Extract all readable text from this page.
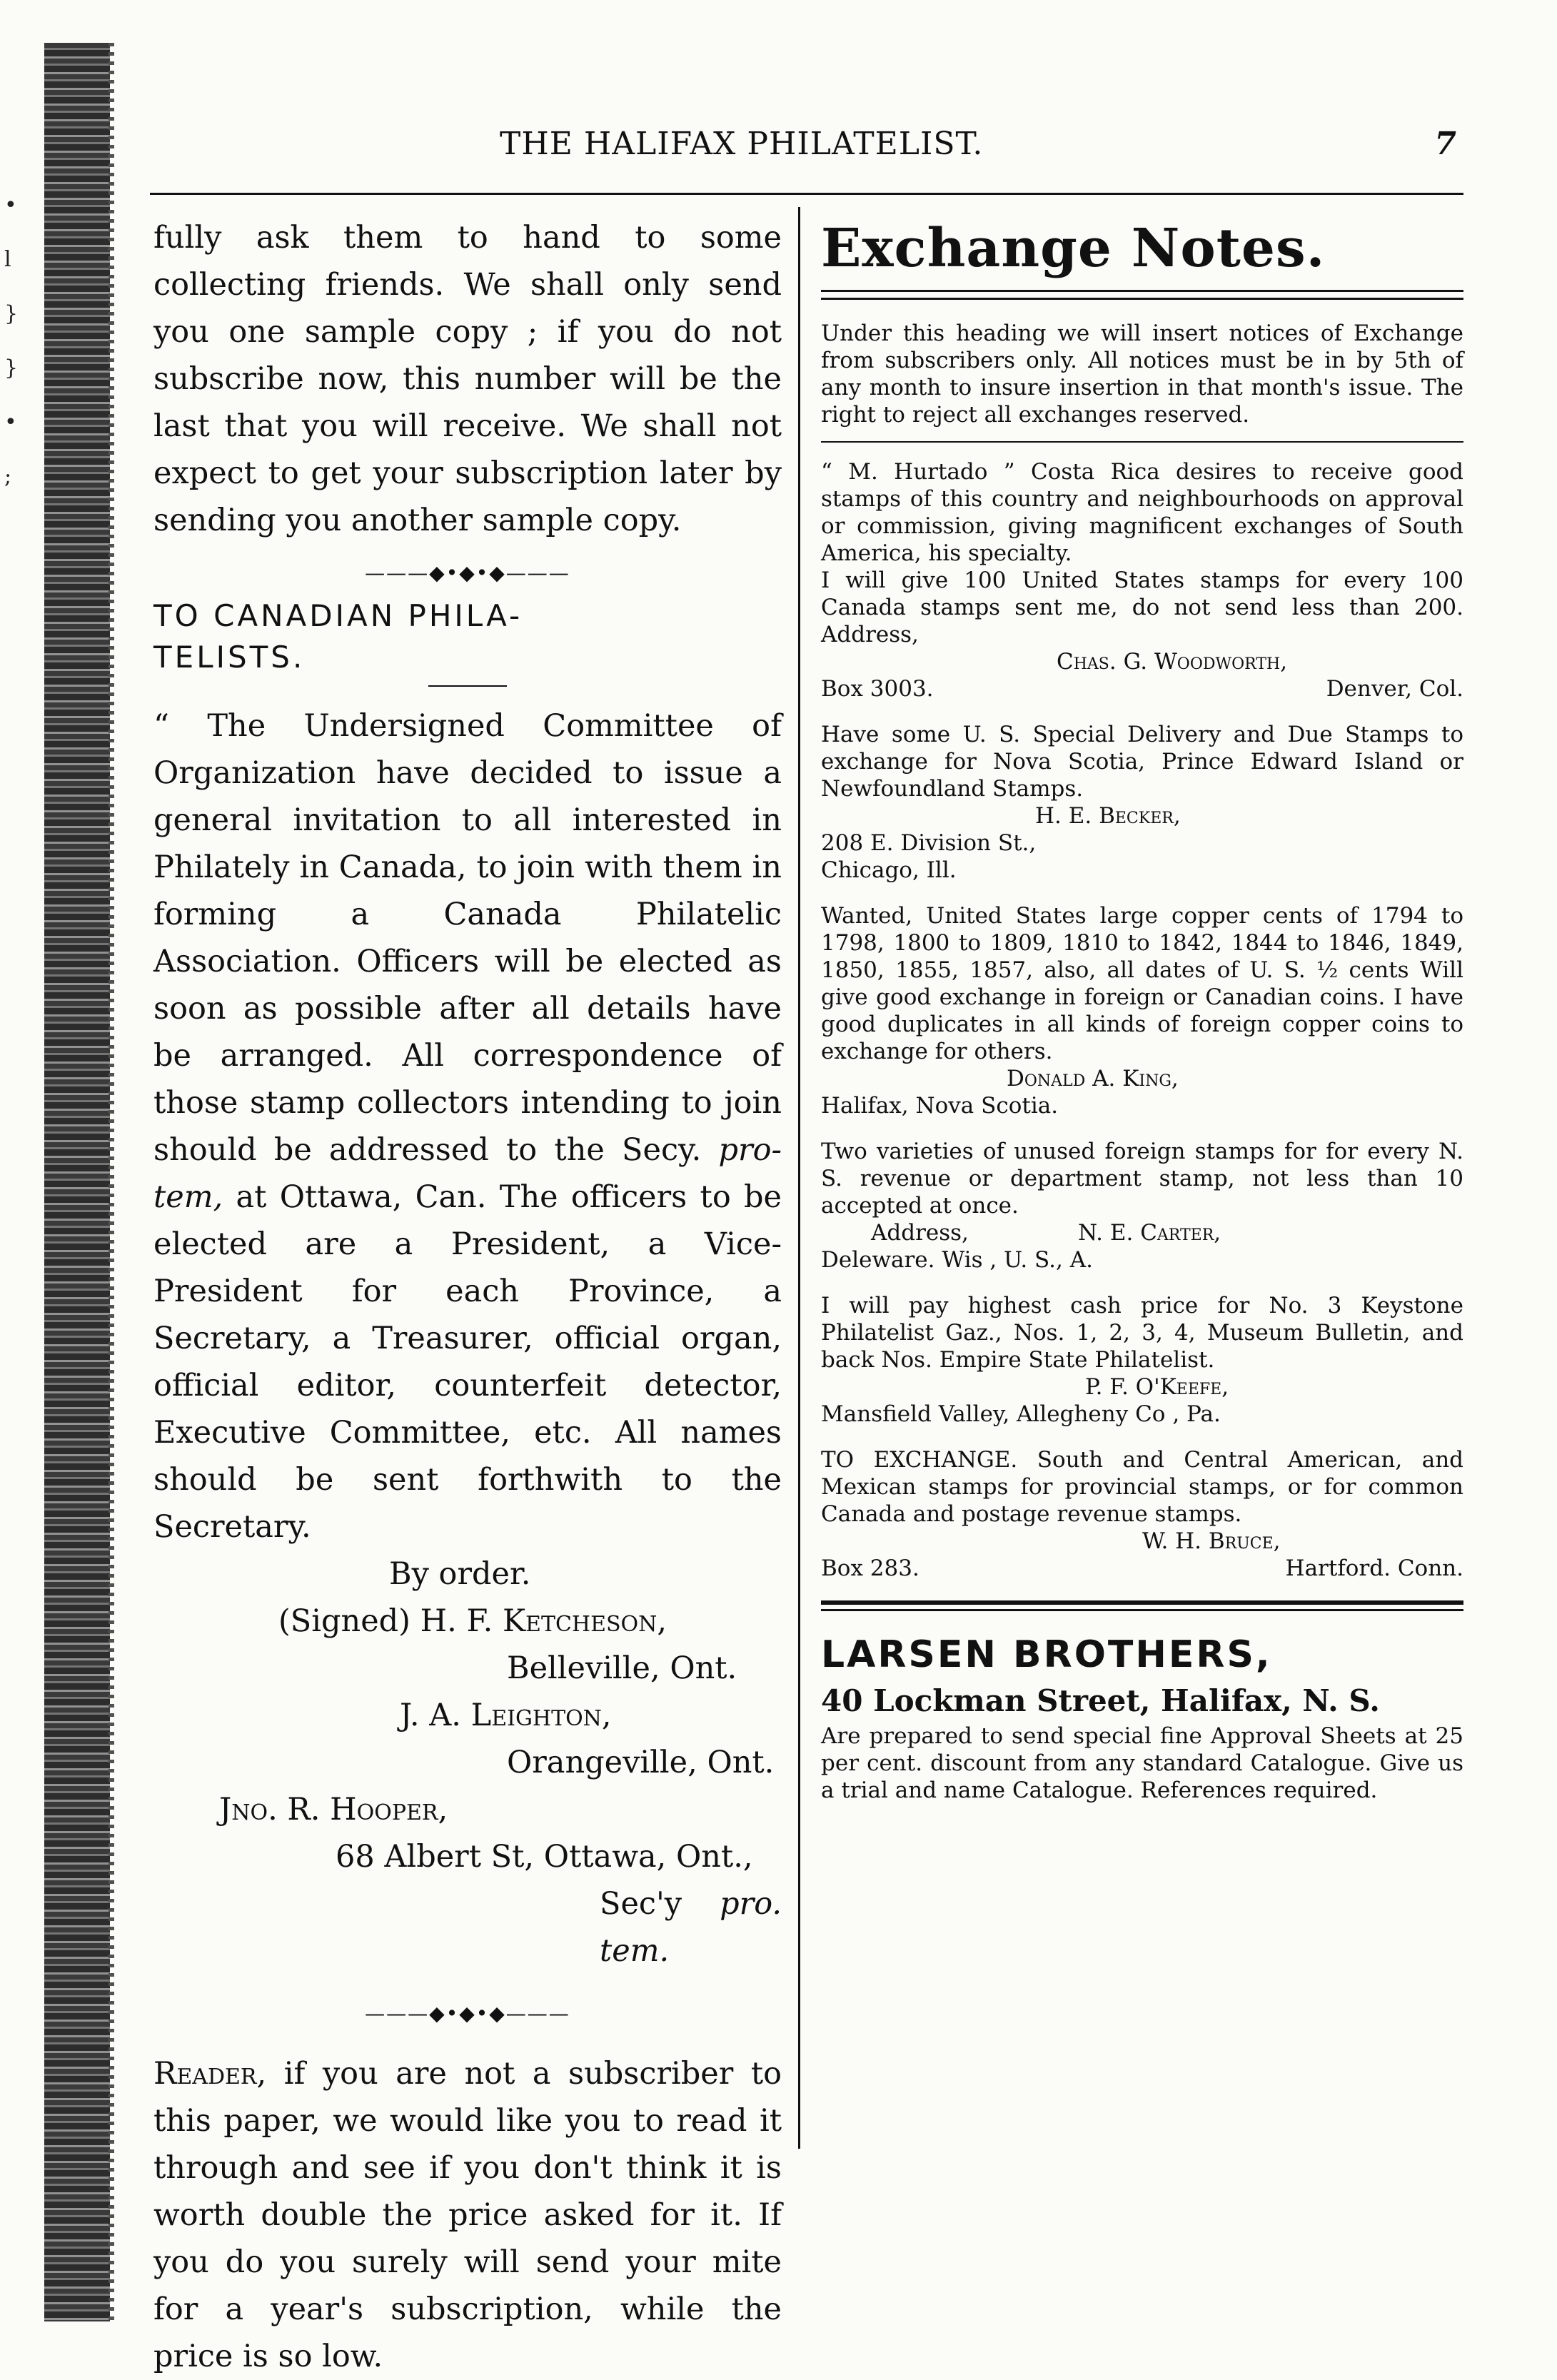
•
l
}
}
•
;
THE HALIFAX PHILATELIST.	7

fully ask them to hand to some collecting friends. We shall only send you one sample copy ; if you do not subscribe now, this number will be the last that you will receive. We shall not expect to get your subscription later by sending you another sample copy.

———◆•◆•◆———

TO CANADIAN PHILA-

TELISTS.

“ The Undersigned Committee of Organization have decided to issue a general invitation to all interested in Philately in Canada, to join with them in forming a Canada Philatelic Association. Officers will be elected as soon as possible after all details have be arranged. All correspondence of those stamp collectors intending to join should be addressed to the Secy. pro-tem, at Ottawa, Can. The officers to be elected are a President, a Vice-President for each Province, a Secretary, a Treasurer, official organ, official editor, counterfeit detector, Executive Committee, etc. All names should be sent forthwith to the Secretary.

By order.

(Signed) H. F. Ketcheson,

Belleville, Ont.

J. A. Leighton,

Orangeville, Ont.

Jno. R. Hooper,

68 Albert St, Ottawa, Ont.,

Sec'y pro. tem.

———◆•◆•◆———

Reader, if you are not a subscriber to this paper, we would like you to read it through and see if you don't think it is worth double the price asked for it. If you do you surely will send your mite for a year's subscription, while the price is so low.

Exchange Notes.

Under this heading we will insert notices of Exchange from subscribers only. All notices must be in by 5th of any month to insure insertion in that month's issue. The right to reject all exchanges reserved.

“ M. Hurtado ” Costa Rica desires to receive good stamps of this country and neighbourhoods on approval or commission, giving magnificent exchanges of South America, his specialty.

I will give 100 United States stamps for every 100 Canada stamps sent me, do not send less than 200. Address,

Chas. G. Woodworth,

Box 3003.	Denver, Col.

Have some U. S. Special Delivery and Due Stamps to exchange for Nova Scotia, Prince Edward Island or Newfoundland Stamps.

H. E. Becker,

208 E. Division St.,

Chicago, Ill.

Wanted, United States large copper cents of 1794 to 1798, 1800 to 1809, 1810 to 1842, 1844 to 1846, 1849, 1850, 1855, 1857, also, all dates of U. S. ½ cents Will give good exchange in foreign or Canadian coins. I have good duplicates in all kinds of foreign copper coins to exchange for others.

Donald A. King,

Halifax, Nova Scotia.

Two varieties of unused foreign stamps for for every N. S. revenue or department stamp, not less than 10 accepted at once.

Address,	N. E. Carter,

Deleware. Wis , U. S., A.

I will pay highest cash price for No. 3 Keystone Philatelist Gaz., Nos. 1, 2, 3, 4, Museum Bulletin, and back Nos. Empire State Philatelist.

P. F. O'Keefe,

Mansfield Valley, Allegheny Co , Pa.

TO EXCHANGE. South and Central American, and Mexican stamps for provincial stamps, or for common Canada and postage revenue stamps.

W. H. Bruce,

Box 283.	Hartford. Conn.

LARSEN BROTHERS,

40 Lockman Street, Halifax, N. S.

Are prepared to send special fine Approval Sheets at 25 per cent. discount from any standard Catalogue. Give us a trial and name Catalogue. References required.
